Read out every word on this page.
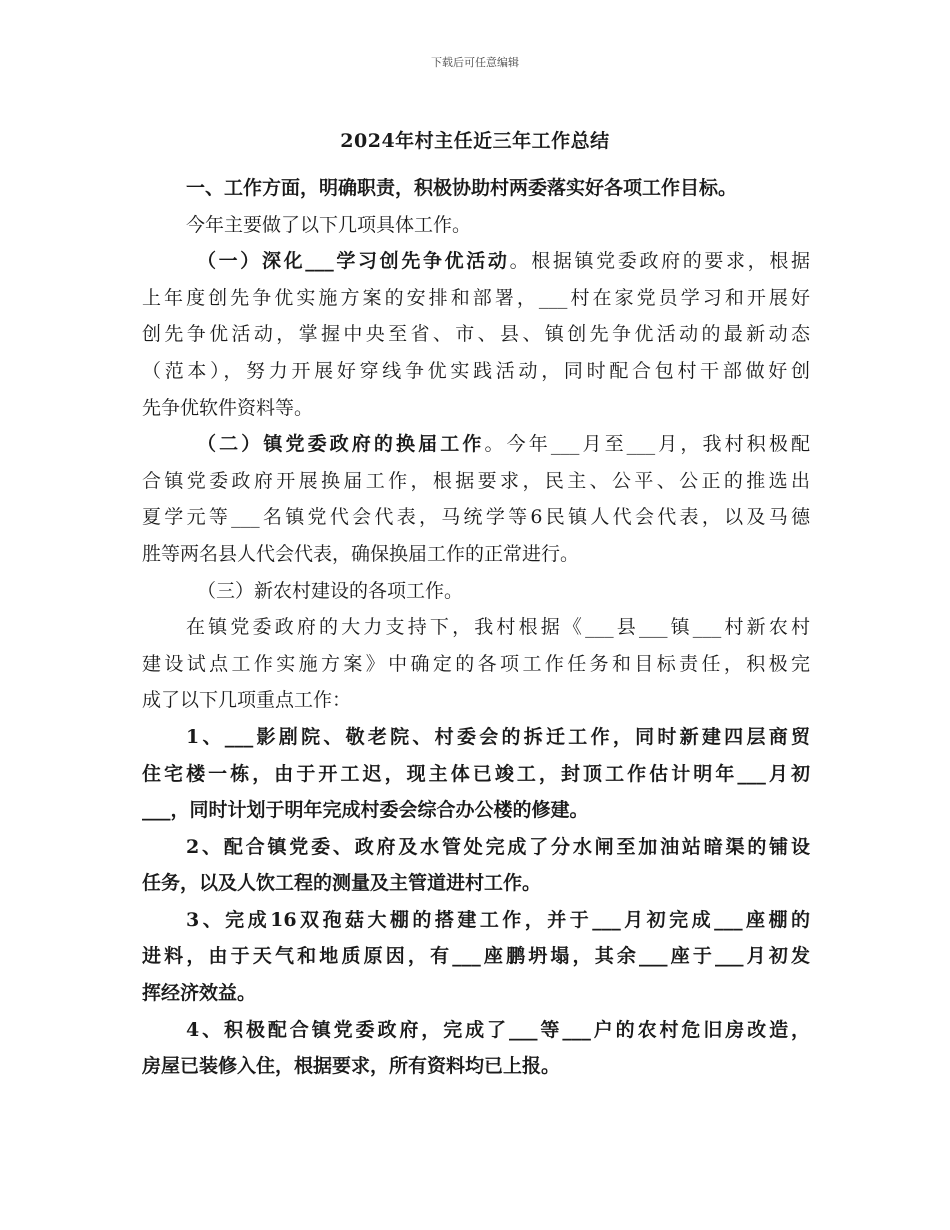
下载后可任意编辑
2024年村主任近三年工作总结
一、工作方面，明确职责，积极协助村两委落实好各项工作目标。
今年主要做了以下几项具体工作。
（一）深化___学习创先争优活动。根据镇党委政府的要求，根据
上年度创先争优实施方案的安排和部署，___村在家党员学习和开展好
创先争优活动，掌握中央至省、市、县、镇创先争优活动的最新动态
（范本），努力开展好穿线争优实践活动，同时配合包村干部做好创
先争优软件资料等。
（二）镇党委政府的换届工作。今年___月至___月，我村积极配
合镇党委政府开展换届工作，根据要求，民主、公平、公正的推选出
夏学元等___名镇党代会代表，马统学等6民镇人代会代表，以及马德
胜等两名县人代会代表，确保换届工作的正常进行。
（三）新农村建设的各项工作。
在镇党委政府的大力支持下，我村根据《___县___镇___村新农村
建设试点工作实施方案》中确定的各项工作任务和目标责任，积极完
成了以下几项重点工作：
1、___影剧院、敬老院、村委会的拆迁工作，同时新建四层商贸
住宅楼一栋，由于开工迟，现主体已竣工，封顶工作估计明年___月初
___，同时计划于明年完成村委会综合办公楼的修建。
2、配合镇党委、政府及水管处完成了分水闸至加油站暗渠的铺设
任务，以及人饮工程的测量及主管道进村工作。
3、完成16双孢菇大棚的搭建工作，并于___月初完成___座棚的
进料，由于天气和地质原因，有___座鹏坍塌，其余___座于___月初发
挥经济效益。
4、积极配合镇党委政府，完成了___等___户的农村危旧房改造，
房屋已装修入住，根据要求，所有资料均已上报。
